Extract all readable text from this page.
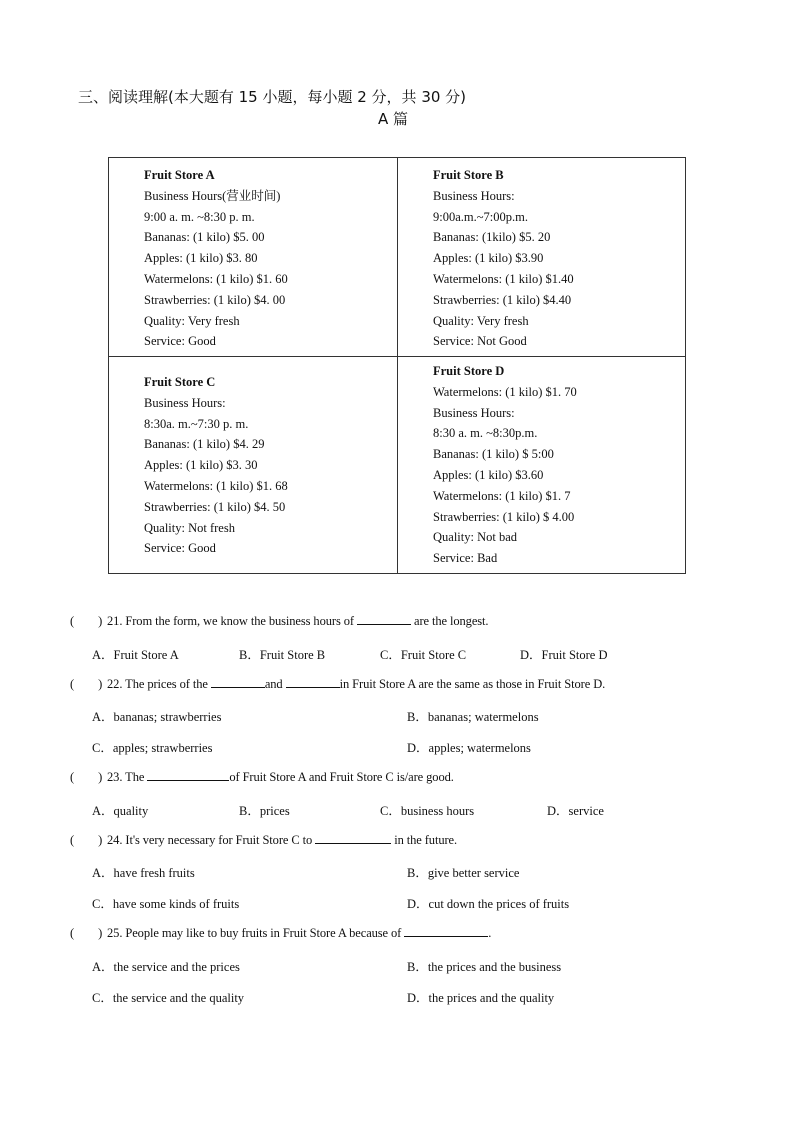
三、阅读理解(本大题有 15 小题，每小题 2 分，共 30 分)
A 篇
Fruit Store A
Business Hours(营业时间)
9:00 a. m. ~8:30 p. m.
Bananas: (1 kilo) $5. 00
Apples: (1 kilo) $3. 80
Watermelons: (1 kilo) $1. 60
Strawberries: (1 kilo) $4. 00
Quality: Very fresh
Service: Good
Fruit Store B
Business Hours:
9:00a.m.~7:00p.m.
Bananas: (1kilo) $5. 20
Apples: (1 kilo) $3.90
Watermelons: (1 kilo) $1.40
Strawberries: (1 kilo) $4.40
Quality: Very fresh
Service: Not Good
Fruit Store C
Business Hours:
8:30a. m.~7:30 p. m.
Bananas: (1 kilo) $4. 29
Apples: (1 kilo) $3. 30
Watermelons: (1 kilo) $1. 68
Strawberries: (1 kilo) $4. 50
Quality: Not fresh
Service: Good
Fruit Store D
Watermelons: (1 kilo) $1. 70
Business Hours:
8:30 a. m. ~8:30p.m.
Bananas: (1 kilo) $ 5:00
Apples: (1 kilo) $3.60
Watermelons: (1 kilo) $1. 7
Strawberries: (1 kilo) $ 4.00
Quality: Not bad
Service: Bad
( ) 21. From the form, we know the business hours of	are the longest.
A．Fruit Store A	B．Fruit Store B	C．Fruit Store C	D．Fruit Store D
( ) 22. The prices of the	and	in Fruit Store A are the same as those in Fruit Store D.
A．bananas; strawberries	B．bananas; watermelons
C．apples; strawberries	D．apples; watermelons
( ) 23. The	of Fruit Store A and Fruit Store C is/are good.
A．quality	B．prices	C．business hours	D．service
( ) 24. It's very necessary for Fruit Store C to	in the future.
A．have fresh fruits	B．give better service
C．have some kinds of fruits	D．cut down the prices of fruits
( ) 25. People may like to buy fruits in Fruit Store A because of	.
A．the service and the prices	B．the prices and the business
C．the service and the quality	D．the prices and the quality
